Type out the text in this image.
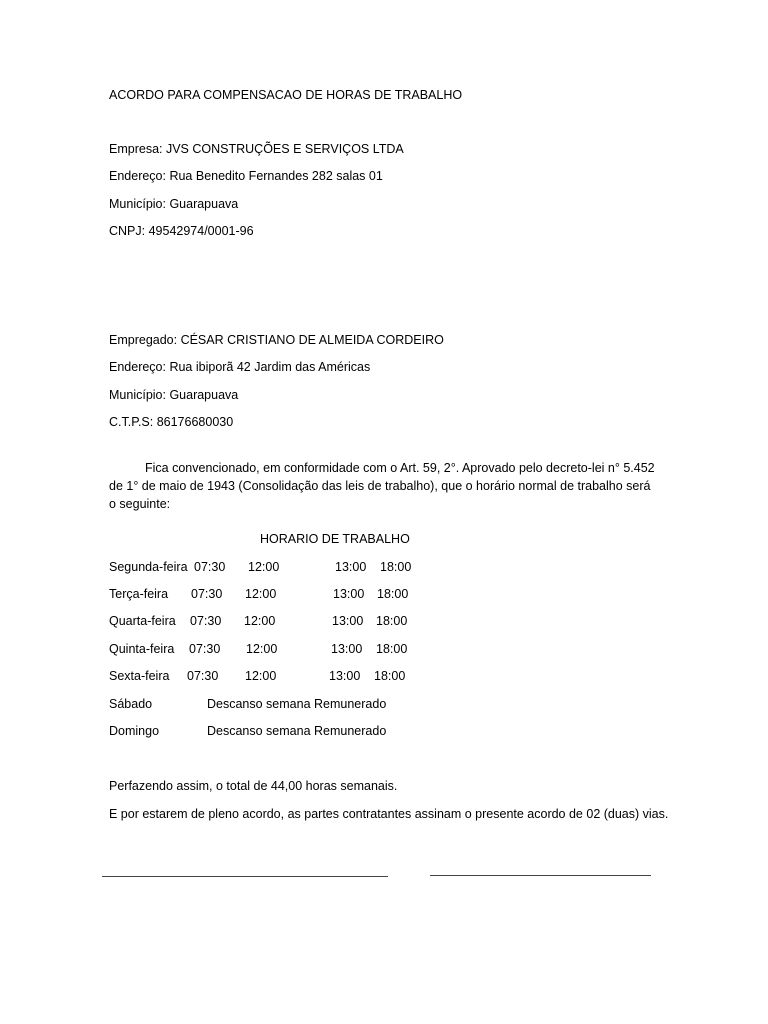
ACORDO PARA COMPENSACAO DE HORAS DE TRABALHO
Empresa: JVS CONSTRUÇÕES E SERVIÇOS LTDA
Endereço: Rua Benedito Fernandes 282 salas 01
Município: Guarapuava
CNPJ: 49542974/0001-96
Empregado: CÉSAR CRISTIANO DE ALMEIDA CORDEIRO
Endereço: Rua ibiporã 42 Jardim das Américas
Município: Guarapuava
C.T.P.S: 86176680030
Fica convencionado, em conformidade com o Art. 59, 2°. Aprovado pelo decreto-lei n° 5.452 de 1° de maio de 1943 (Consolidação das leis de trabalho), que o horário normal de trabalho será o seguinte:
HORARIO DE TRABALHO
Segunda-feira 07:30 12:00	13:00 18:00
Terça-feira 07:30 12:00	13:00 18:00
Quarta-feira 07:30 12:00	13:00 18:00
Quinta-feira 07:30 12:00	13:00 18:00
Sexta-feira 07:30 12:00	13:00 18:00
Sábado	Descanso semana Remunerado
Domingo	Descanso semana Remunerado
Perfazendo assim, o total de 44,00 horas semanais.
E por estarem de pleno acordo, as partes contratantes assinam o presente acordo de 02 (duas) vias.
